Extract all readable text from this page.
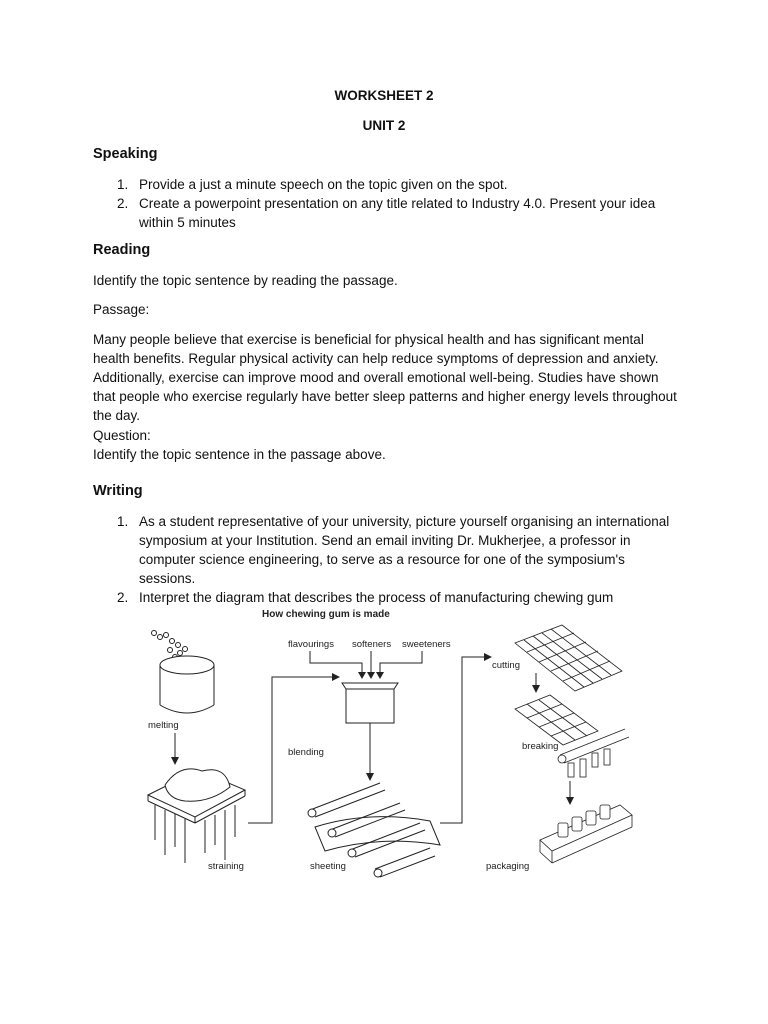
WORKSHEET 2
UNIT 2
Speaking
1. Provide a just a minute speech on the topic given on the spot.
2. Create a powerpoint presentation on any title related to Industry 4.0. Present your idea within 5 minutes
Reading
Identify the topic sentence by reading the passage.
Passage:
Many people believe that exercise is beneficial for physical health and has significant mental health benefits. Regular physical activity can help reduce symptoms of depression and anxiety. Additionally, exercise can improve mood and overall emotional well-being. Studies have shown that people who exercise regularly have better sleep patterns and higher energy levels throughout the day.
Question:
Identify the topic sentence in the passage above.
Writing
1. As a student representative of your university, picture yourself organising an international symposium at your Institution. Send an email inviting Dr. Mukherjee, a professor in computer science engineering, to serve as a resource for one of the symposium's sessions.
2. Interpret the diagram that describes the process of manufacturing chewing gum
How chewing gum is made
melting
straining
flavourings softeners sweeteners
blending
sheeting
cutting
breaking
packaging
